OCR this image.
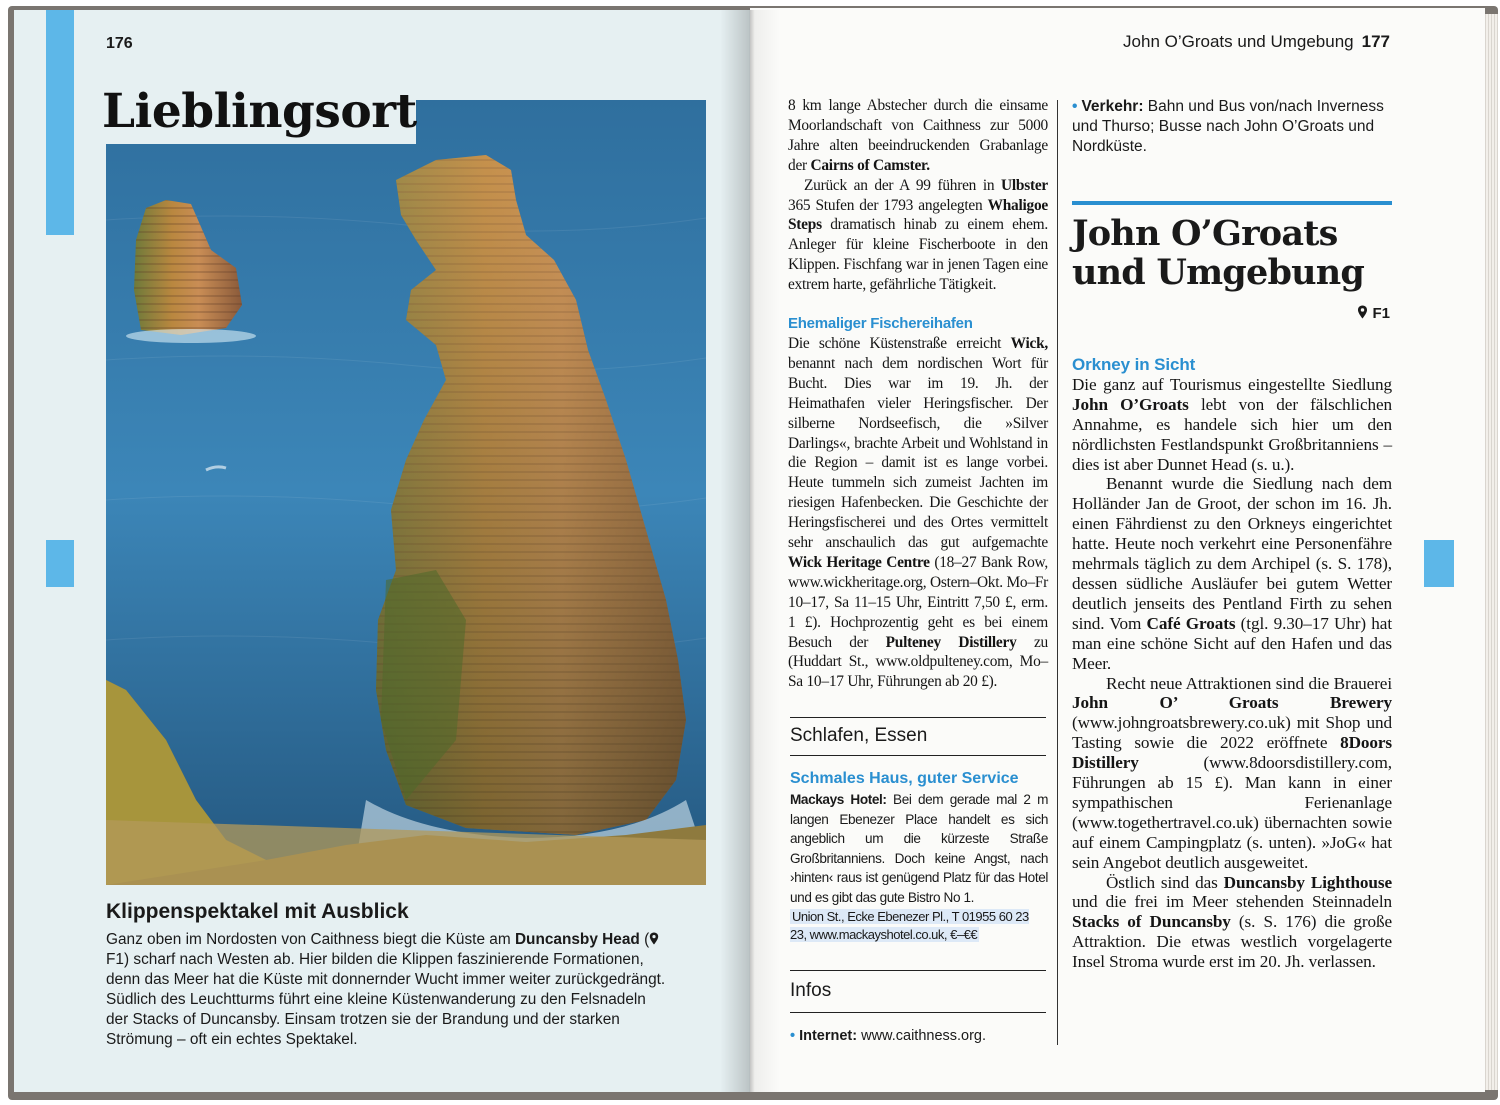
176
Lieblingsort
Klippenspektakel mit Ausblick

Ganz oben im Nordosten von Caithness biegt die Küste am Duncansby Head ( F1) scharf nach Westen ab. Hier bilden die Klippen faszinierende Formationen, denn das Meer hat die Küste mit donnernder Wucht immer weiter zurückgedrängt. Südlich des Leuchtturms führt eine kleine Küstenwanderung zu den Felsnadeln der Stacks of Duncansby. Einsam trotzen sie der Brandung und der starken Strömung – oft ein echtes Spektakel.

John O’Groats und Umgebung 177

8 km lange Abstecher durch die einsame Moorlandschaft von Caithness zur 5000 Jahre alten beeindruckenden Grabanlage der Cairns of Camster.

Zurück an der A 99 führen in Ulbster 365 Stufen der 1793 angelegten Whaligoe Steps dramatisch hinab zu einem ehem. Anleger für kleine Fischerboote in den Klippen. Fischfang war in jenen Tagen eine extrem harte, gefährliche Tätigkeit.

Ehemaliger Fischereihafen

Die schöne Küstenstraße erreicht Wick, benannt nach dem nordischen Wort für Bucht. Dies war im 19. Jh. der Heimathafen vieler Heringsfischer. Der silberne Nordseefisch, die »Silver Darlings«, brachte Arbeit und Wohlstand in die Region – damit ist es lange vorbei. Heute tummeln sich zumeist Jachten im riesigen Hafenbecken. Die Geschichte der Heringsfischerei und des Ortes vermittelt sehr anschaulich das gut aufgemachte Wick Heritage Centre (18–27 Bank Row, www.wickheritage.org, Ostern–Okt. Mo–Fr 10–17, Sa 11–15 Uhr, Eintritt 7,50 £, erm. 1 £). Hochprozentig geht es bei einem Besuch der Pulteney Distillery zu (Huddart St., www.oldpulteney.com, Mo–Sa 10–17 Uhr, Führungen ab 20 £).

Schlafen, Essen
Schmales Haus, guter Service

Mackays Hotel: Bei dem gerade mal 2 m langen Ebenezer Place handelt es sich angeblich um die kürzeste Straße Großbritanniens. Doch keine Angst, nach ›hinten‹ raus ist genügend Platz für das Hotel und es gibt das gute Bistro No 1.

Union St., Ecke Ebenezer Pl., T 01955 60 23 23, www.mackayshotel.co.uk, €–€€
Infos
• Internet: www.caithness.org.
• Verkehr: Bahn und Bus von/nach Inverness und Thurso; Busse nach John O’Groats und Nordküste.
John O’Groats
und Umgebung
F1
Orkney in Sicht

Die ganz auf Tourismus eingestellte Siedlung John O’Groats lebt von der fälschlichen Annahme, es handele sich hier um den nördlichsten Festlandspunkt Großbritanniens – dies ist aber Dunnet Head (s. u.).

Benannt wurde die Siedlung nach dem Holländer Jan de Groot, der schon im 16. Jh. einen Fährdienst zu den Orkneys eingerichtet hatte. Heute noch verkehrt eine Personenfähre mehrmals täglich zu dem Archipel (s. S. 178), dessen südliche Ausläufer bei gutem Wetter deutlich jenseits des Pentland Firth zu sehen sind. Vom Café Groats (tgl. 9.30–17 Uhr) hat man eine schöne Sicht auf den Hafen und das Meer.

Recht neue Attraktionen sind die Brauerei John O’ Groats Brewery (www.johngroatsbrewery.co.uk) mit Shop und Tasting sowie die 2022 eröffnete 8Doors Distillery (www.8doorsdistillery.com, Führungen ab 15 £). Man kann in einer sympathischen Ferienanlage (www.togethertravel.co.uk) übernachten sowie auf einem Campingplatz (s. unten). »JoG« hat sein Angebot deutlich ausgeweitet.

Östlich sind das Duncansby Lighthouse und die frei im Meer stehenden Steinnadeln Stacks of Duncansby (s. S. 176) die große Attraktion. Die etwas westlich vorgelagerte Insel Stroma wurde erst im 20. Jh. verlassen.
